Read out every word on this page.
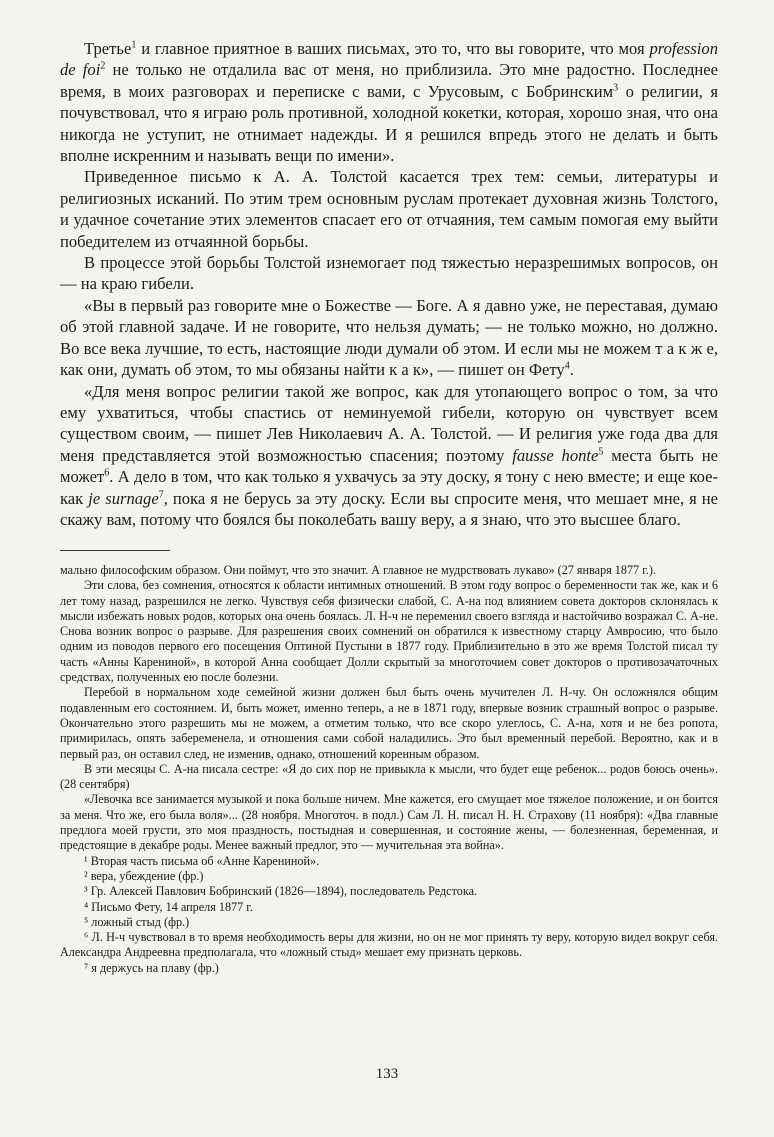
Третье$^1$ и главное приятное в ваших письмах, это то, что вы говорите, что моя profession de foi$^2$ не только не отдалила вас от меня, но приблизила. Это мне радостно. Последнее время, в моих разговорах и переписке с вами, с Урусовым, с Бобринским$^3$ о религии, я почувствовал, что я играю роль противной, холодной кокетки, которая, хорошо зная, что она никогда не уступит, не отнимает надежды. И я решился впредь этого не делать и быть вполне искренним и называть вещи по имени».

Приведенное письмо к А. А. Толстой касается трех тем: семьи, литературы и религиозных исканий. По этим трем основным руслам протекает духовная жизнь Толстого, и удачное сочетание этих элементов спасает его от отчаяния, тем самым помогая ему выйти победителем из отчаянной борьбы.

В процессе этой борьбы Толстой изнемогает под тяжестью неразрешимых вопросов, он — на краю гибели.

«Вы в первый раз говорите мне о Божестве — Боге. А я давно уже, не переставая, думаю об этой главной задаче. И не говорите, что нельзя думать; — не только можно, но должно. Во все века лучшие, то есть, настоящие люди думали об этом. И если мы не можем т а к ж е, как они, думать об этом, то мы обязаны найти к а к», — пишет он Фету$^4$.

«Для меня вопрос религии такой же вопрос, как для утопающего вопрос о том, за что ему ухватиться, чтобы спастись от неминуемой гибели, которую он чувствует всем существом своим, — пишет Лев Николаевич А. А. Толстой. — И религия уже года два для меня представляется этой возможностью спасения; поэтому fausse honte$^5$ места быть не может$^6$. А дело в том, что как только я ухвачусь за эту доску, я тону с нею вместе; и еще кое-как je surnage$^7$, пока я не берусь за эту доску. Если вы спросите меня, что мешает мне, я не скажу вам, потому что боялся бы поколебать вашу веру, а я знаю, что это высшее благо.

мально философским образом. Они поймут, что это значит. А главное не мудрствовать лукаво» (27 января 1877 г.).

Эти слова, без сомнения, относятся к области интимных отношений. В этом году вопрос о беременности так же, как и 6 лет тому назад, разрешился не легко. Чувствуя себя физически слабой, С. А-на под влиянием совета докторов склонялась к мысли избежать новых родов, которых она очень боялась. Л. Н-ч не переменил своего взгляда и настойчиво возражал С. А-не. Снова возник вопрос о разрыве. Для разрешения своих сомнений он обратился к известному старцу Амвросию, что было одним из поводов первого его посещения Оптиной Пустыни в 1877 году. Приблизительно в это же время Толстой писал ту часть «Анны Карениной», в которой Анна сообщает Долли скрытый за многоточием совет докторов о противозачаточных средствах, полученных ею после болезни.

Перебой в нормальном ходе семейной жизни должен был быть очень мучителен Л. Н-чу. Он осложнялся общим подавленным его состоянием. И, быть может, именно теперь, а не в 1871 году, впервые возник страшный вопрос о разрыве. Окончательно этого разрешить мы не можем, а отметим только, что все скоро улеглось, С. А-на, хотя и не без ропота, примирилась, опять забеременела, и отношения сами собой наладились. Это был временный перебой. Вероятно, как и в первый раз, он оставил след, не изменив, однако, отношений коренным образом.

В эти месяцы С. А-на писала сестре: «Я до сих пор не привыкла к мысли, что будет еще ребенок... родов боюсь очень». (28 сентября)

«Левочка все занимается музыкой и пока больше ничем. Мне кажется, его смущает мое тяжелое положение, и он боится за меня. Что же, его была воля»... (28 ноября. Многоточ. в подл.) Сам Л. Н. писал Н. Н. Страхову (11 ноября): «Два главные предлога моей грусти, это моя праздность, постыдная и совершенная, и состояние жены, — болезненная, беременная, и предстоящие в декабре роды. Менее важный предлог, это — мучительная эта война».

¹ Вторая часть письма об «Анне Карениной».

² вера, убеждение (фр.)

³ Гр. Алексей Павлович Бобринский (1826—1894), последователь Редстока.

⁴ Письмо Фету, 14 апреля 1877 г.

⁵ ложный стыд (фр.)

⁶ Л. Н-ч чувствовал в то время необходимость веры для жизни, но он не мог принять ту веру, которую видел вокруг себя. Александра Андреевна предполагала, что «ложный стыд» мешает ему признать церковь.

⁷ я держусь на плаву (фр.)

133
